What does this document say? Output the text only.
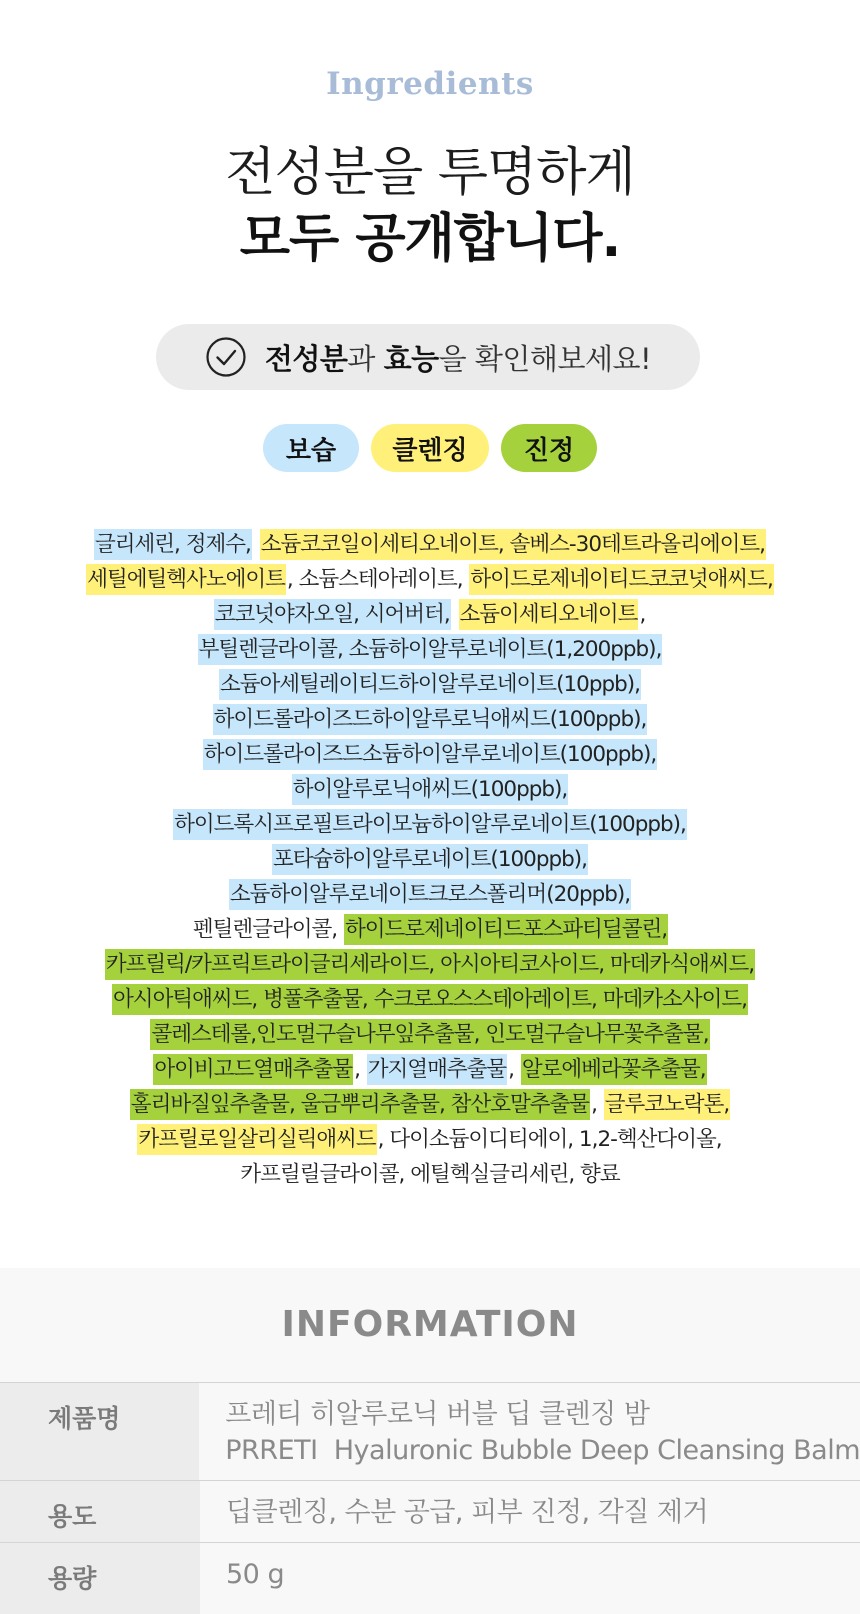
Ingredients
전성분을 투명하게
모두 공개합니다.
전성분과 효능을 확인해보세요!
보습	클렌징	진정
글리세린, 정제수, 소듐코코일이세티오네이트, 솔베스-30테트라올리에이트,
세틸에틸헥사노에이트, 소듐스테아레이트, 하이드로제네이티드코코넛애씨드,
코코넛야자오일, 시어버터, 소듐이세티오네이트,
부틸렌글라이콜, 소듐하이알루로네이트(1,200ppb),
소듐아세틸레이티드하이알루로네이트(10ppb),
하이드롤라이즈드하이알루로닉애씨드(100ppb),
하이드롤라이즈드소듐하이알루로네이트(100ppb),
하이알루로닉애씨드(100ppb),
하이드록시프로필트라이모늄하이알루로네이트(100ppb),
포타슘하이알루로네이트(100ppb),
소듐하이알루로네이트크로스폴리머(20ppb),
펜틸렌글라이콜, 하이드로제네이티드포스파티딜콜린,
카프릴릭/카프릭트라이글리세라이드, 아시아티코사이드, 마데카식애씨드,
아시아틱애씨드, 병풀추출물, 수크로오스스테아레이트, 마데카소사이드,
콜레스테롤,인도멀구슬나무잎추출물, 인도멀구슬나무꽃추출물,
아이비고드열매추출물, 가지열매추출물, 알로에베라꽃추출물,
홀리바질잎추출물, 울금뿌리추출물, 참산호말추출물, 글루코노락톤,
카프릴로일살리실릭애씨드, 다이소듐이디티에이, 1,2-헥산다이올,
카프릴릴글라이콜, 에틸헥실글리세린, 향료
INFORMATION
제품명	프레티 히알루로닉 버블 딥 클렌징 밤
PRRETI  Hyaluronic Bubble Deep Cleansing Balm
용도	딥클렌징, 수분 공급, 피부 진정, 각질 제거
용량	50 g
